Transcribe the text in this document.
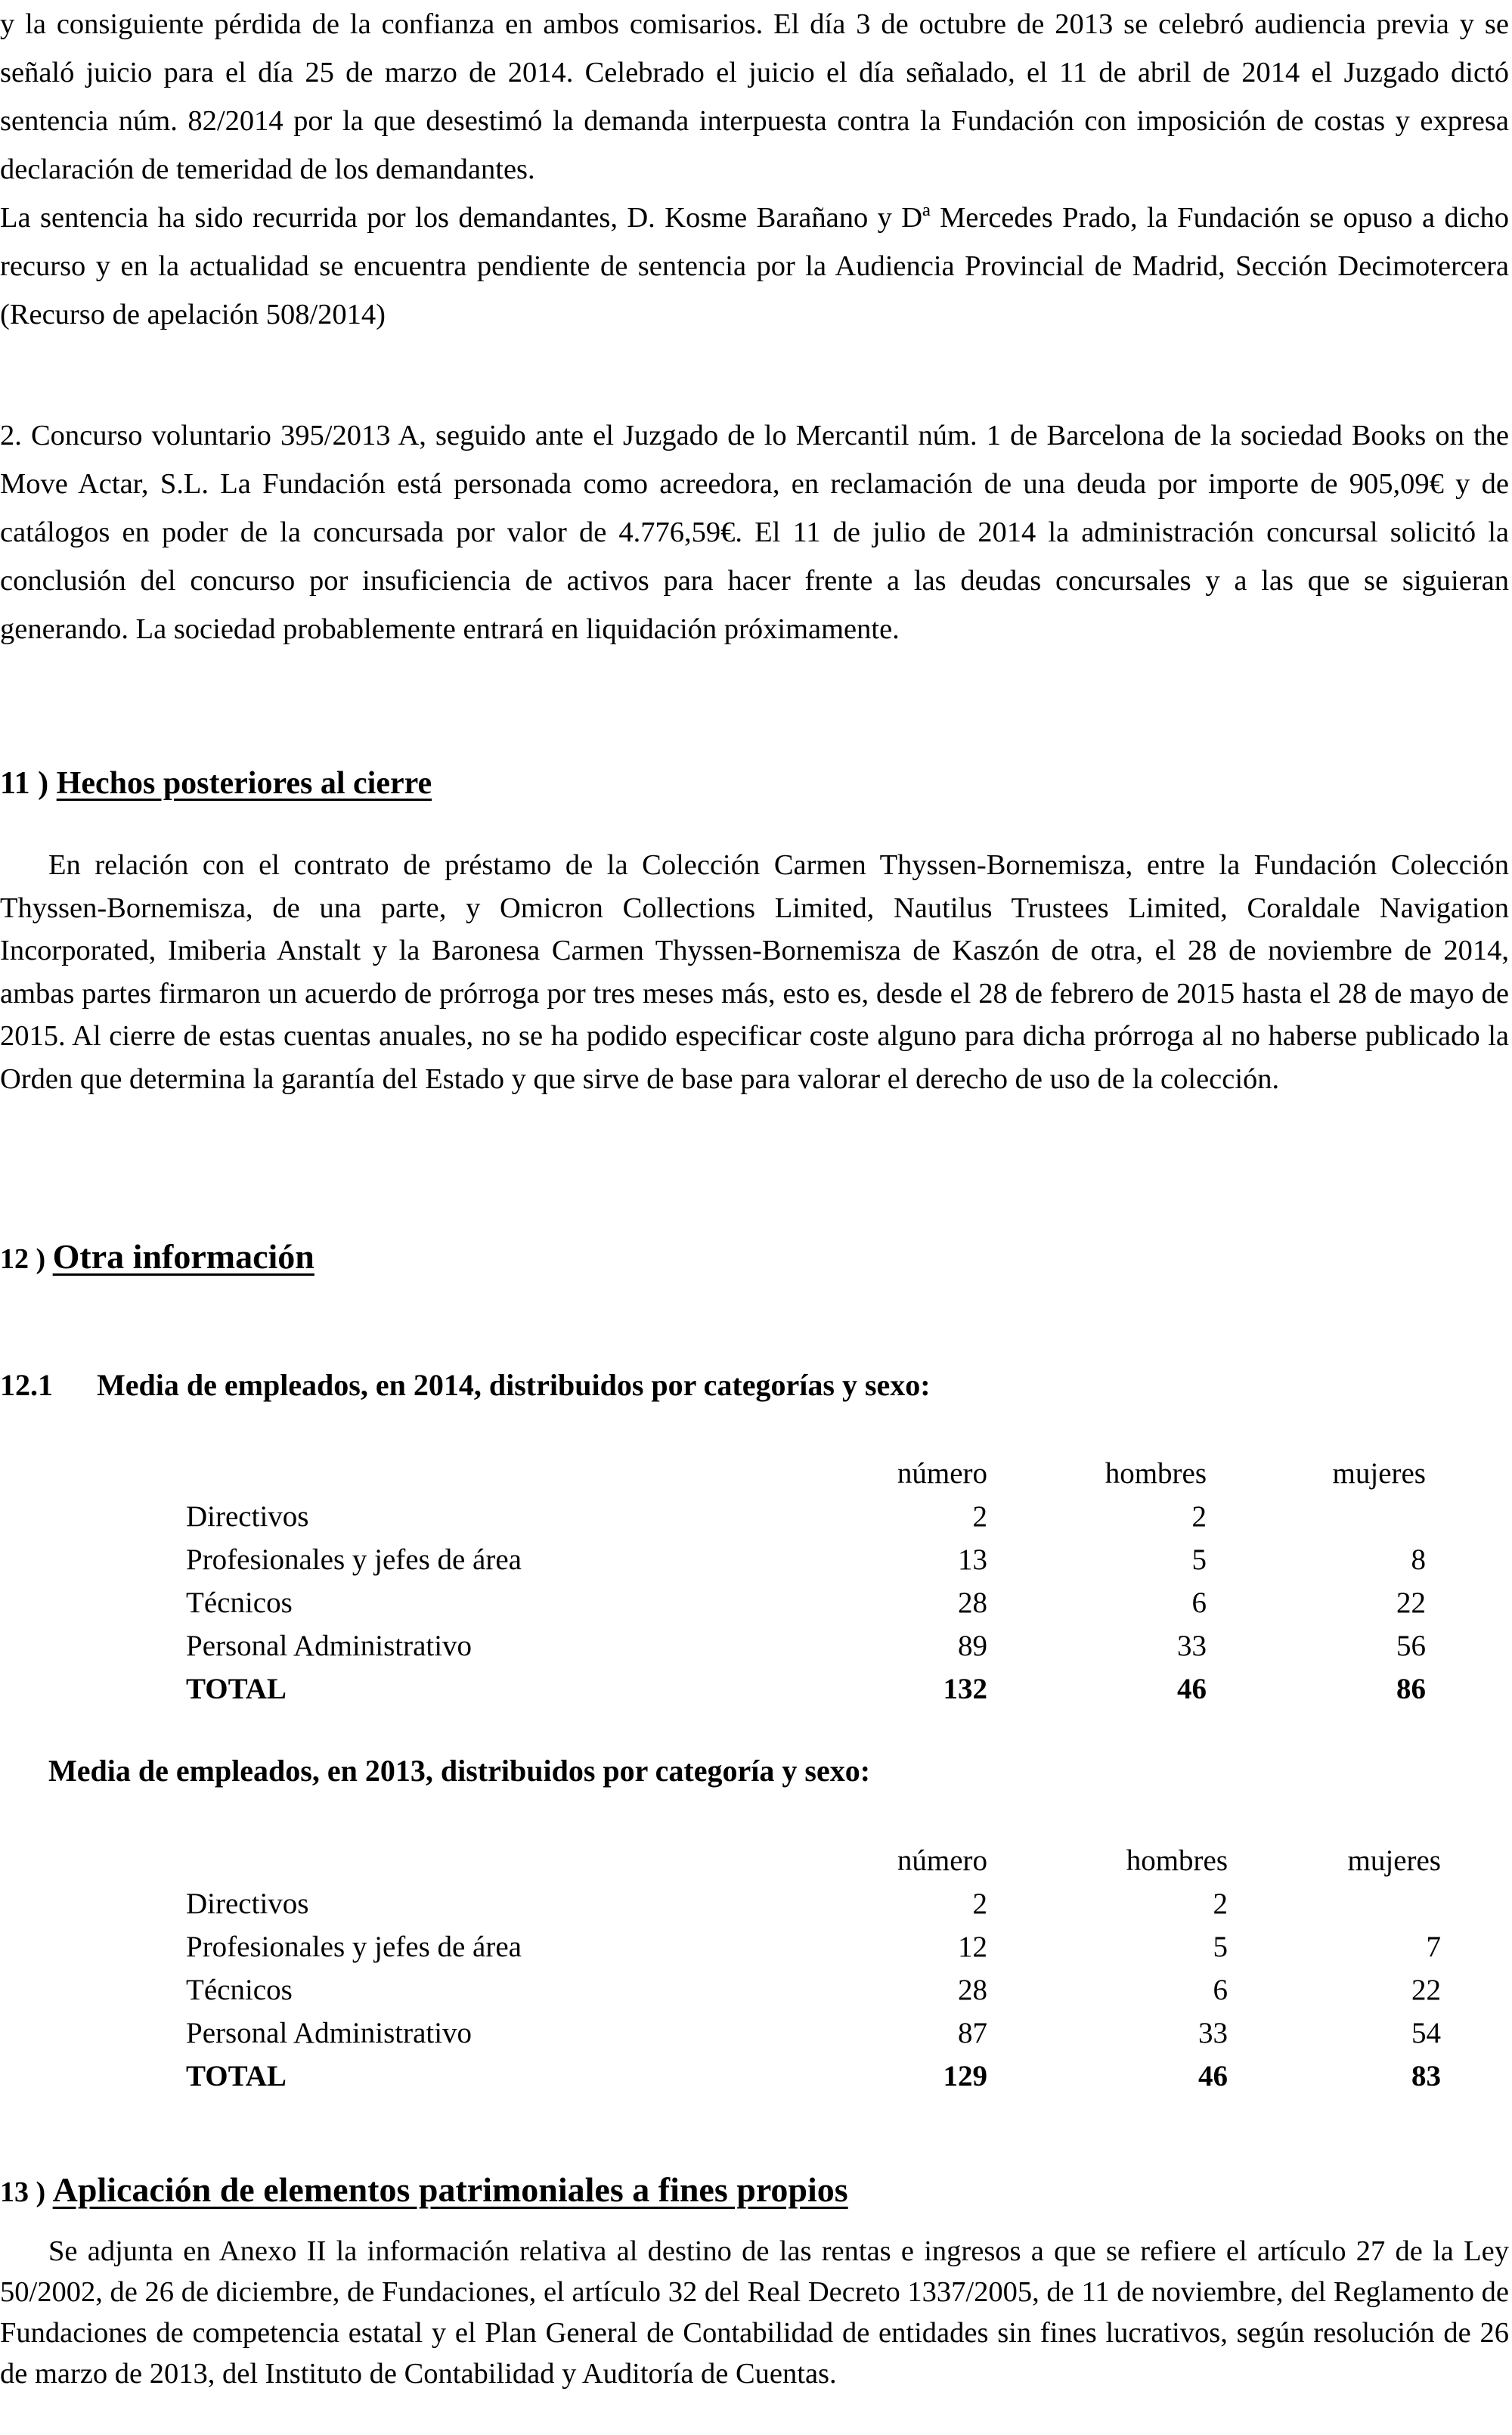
y la consiguiente pérdida de la confianza en ambos comisarios. El día 3 de octubre de 2013 se celebró audiencia previa y se señaló juicio para el día 25 de marzo de 2014. Celebrado el juicio el día señalado, el 11 de abril de 2014 el Juzgado dictó sentencia núm. 82/2014 por la que desestimó la demanda interpuesta contra la Fundación con imposición de costas y expresa declaración de temeridad de los demandantes.

La sentencia ha sido recurrida por los demandantes, D. Kosme Barañano y Dª Mercedes Prado, la Fundación se opuso a dicho recurso y en la actualidad se encuentra pendiente de sentencia por la Audiencia Provincial de Madrid, Sección Decimotercera (Recurso de apelación 508/2014)

2. Concurso voluntario 395/2013 A, seguido ante el Juzgado de lo Mercantil núm. 1 de Barcelona de la sociedad Books on the Move Actar, S.L. La Fundación está personada como acreedora, en reclamación de una deuda por importe de 905,09€ y de catálogos en poder de la concursada por valor de 4.776,59€. El 11 de julio de 2014 la administración concursal solicitó la conclusión del concurso por insuficiencia de activos para hacer frente a las deudas concursales y a las que se siguieran generando. La sociedad probablemente entrará en liquidación próximamente.

11 ) Hechos posteriores al cierre

En relación con el contrato de préstamo de la Colección Carmen Thyssen-Bornemisza, entre la Fundación Colección Thyssen-Bornemisza, de una parte, y Omicron Collections Limited, Nautilus Trustees Limited, Coraldale Navigation Incorporated, Imiberia Anstalt y la Baronesa Carmen Thyssen-Bornemisza de Kaszón de otra, el 28 de noviembre de 2014, ambas partes firmaron un acuerdo de prórroga por tres meses más, esto es, desde el 28 de febrero de 2015 hasta el 28 de mayo de 2015. Al cierre de estas cuentas anuales, no se ha podido especificar coste alguno para dicha prórroga al no haberse publicado la Orden que determina la garantía del Estado y que sirve de base para valorar el derecho de uso de la colección.

12 ) Otra información
12.1 Media de empleados, en 2014, distribuidos por categorías y sexo:
	número	hombres	mujeres
Directivos	2	2	
Profesionales y jefes de área	13	5	8
Técnicos	28	6	22
Personal Administrativo	89	33	56
TOTAL	132	46	86
Media de empleados, en 2013, distribuidos por categoría y sexo:
	número	hombres	mujeres
Directivos	2	2	
Profesionales y jefes de área	12	5	7
Técnicos	28	6	22
Personal Administrativo	87	33	54
TOTAL	129	46	83
13 ) Aplicación de elementos patrimoniales a fines propios

Se adjunta en Anexo II la información relativa al destino de las rentas e ingresos a que se refiere el artículo 27 de la Ley 50/2002, de 26 de diciembre, de Fundaciones, el artículo 32 del Real Decreto 1337/2005, de 11 de noviembre, del Reglamento de Fundaciones de competencia estatal y el Plan General de Contabilidad de entidades sin fines lucrativos, según resolución de 26 de marzo de 2013, del Instituto de Contabilidad y Auditoría de Cuentas.
